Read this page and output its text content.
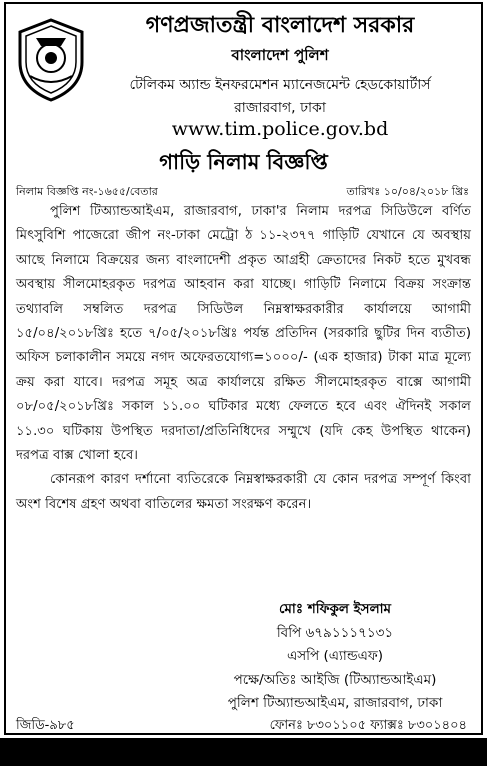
গণপ্রজাতন্ত্রী বাংলাদেশ সরকার
বাংলাদেশ পুলিশ
টেলিকম অ্যান্ড ইনফরমেশন ম্যানেজমেন্ট হেডকোয়ার্টার্স
রাজারবাগ, ঢাকা
www.tim.police.gov.bd
গাড়ি নিলাম বিজ্ঞপ্তি
নিলাম বিজ্ঞপ্তি নং-১৬৫৫/বেতার	তারিখঃ ১০/০৪/২০১৮ খ্রিঃ

পুলিশ টিঅ্যান্ডআইএম, রাজারবাগ, ঢাকা'র নিলাম দরপত্র সিডিউলে বর্ণিত মিৎসুবিশি পাজেরো জীপ নং-ঢাকা মেট্রো ঠ ১১-২৩৭৭ গাড়িটি যেখানে যে অবস্থায় আছে নিলামে বিক্রয়ের জন্য বাংলাদেশী প্রকৃত আগ্রহী ক্রেতাদের নিকট হতে মুখবন্ধ অবস্থায় সীলমোহরকৃত দরপত্র আহবান করা যাচ্ছে। গাড়িটি নিলামে বিক্রয় সংক্রান্ত তথ্যাবলি সম্বলিত দরপত্র সিডিউল নিম্নস্বাক্ষরকারীর কার্যালয়ে আগামী ১৫/০৪/২০১৮খ্রিঃ হতে ৭/০৫/২০১৮খ্রিঃ পর্যন্ত প্রতিদিন (সরকারি ছুটির দিন ব্যতীত) অফিস চলাকালীন সময়ে নগদ অফেরতযোগ্য=১০০০/- (এক হাজার) টাকা মাত্র মূল্যে ক্রয় করা যাবে। দরপত্র সমূহ অত্র কার্যালয়ে রক্ষিত সীলমোহরকৃত বাক্সে আগামী ০৮/০৫/২০১৮খ্রিঃ সকাল ১১.০০ ঘটিকার মধ্যে ফেলতে হবে এবং ঐদিনই সকাল ১১.৩০ ঘটিকায় উপস্থিত দরদাতা/প্রতিনিধিদের সম্মুখে (যদি কেহ উপস্থিত থাকেন) দরপত্র বাক্স খোলা হবে।

কোনরূপ কারণ দর্শানো ব্যতিরেকে নিম্নস্বাক্ষরকারী যে কোন দরপত্র সম্পূর্ণ কিংবা অংশ বিশেষ গ্রহণ অথবা বাতিলের ক্ষমতা সংরক্ষণ করেন।

মোঃ শফিকুল ইসলাম
বিপি ৬৭৯১১১৭১৩১
এসপি (এ্যান্ডএফ)
পক্ষে/অতিঃ আইজি (টিঅ্যান্ডআইএম)
পুলিশ টিঅ্যান্ডআইএম, রাজারবাগ, ঢাকা
জিডি-৯৮৫	ফোনঃ ৮৩০১১০৫ ফ্যাক্সঃ ৮৩০১৪০৪
